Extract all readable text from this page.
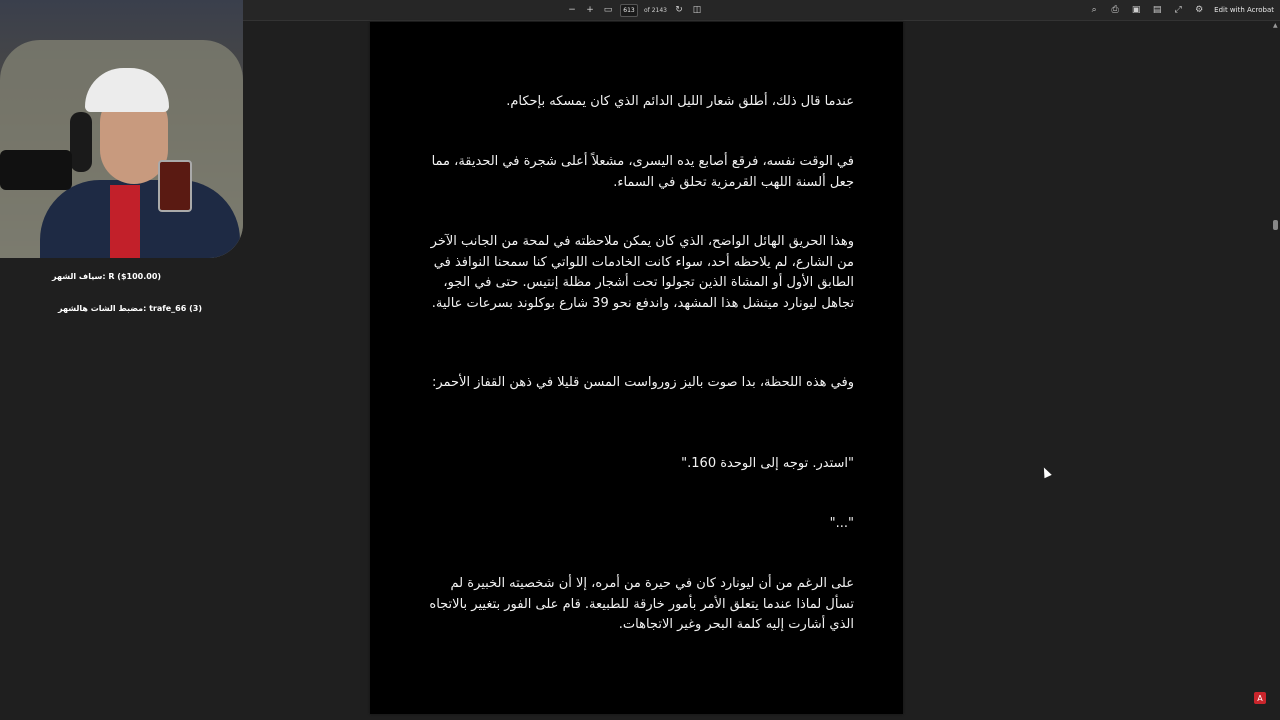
− + ▭	613	of 2143 ↻ ◫	⌕	⎙ ▣ ▤ ⤢ ⚙ Edit with Acrobat
عندما قال ذلك، أطلق شعار الليل الدائم الذي كان يمسكه بإحكام.
في الوقت نفسه، فرقع أصابع يده اليسرى، مشعلاً أعلى شجرة في الحديقة، مما جعل ألسنة اللهب القرمزية تحلق في السماء.
وهذا الحريق الهائل الواضح، الذي كان يمكن ملاحظته في لمحة من الجانب الآخر من الشارع، لم يلاحظه أحد، سواء كانت الخادمات اللواتي كنا سمحنا النوافذ في الطابق الأول أو المشاة الذين تجولوا تحت أشجار مظلة إنتيس. حتى في الجو، تجاهل ليونارد ميتشل هذا المشهد، واندفع نحو 39 شارع بوكلوند بسرعات عالية.
وفي هذه اللحظة، بدا صوت باليز زورواست المسن قليلا في ذهن القفاز الأحمر:
"استدر. توجه إلى الوحدة 160."
"..."
على الرغم من أن ليونارد كان في حيرة من أمره، إلا أن شخصيته الخبيرة لم تسأل لماذا عندما يتعلق الأمر بأمور خارقة للطبيعة. قام على الفور بتغيير بالاتجاه الذي أشارت إليه كلمة البحر وغير الاتجاهات.
سياف الشهر: R ($100.00)
مضبط الشات هالشهر: trafe_66 (3)
▲
A
